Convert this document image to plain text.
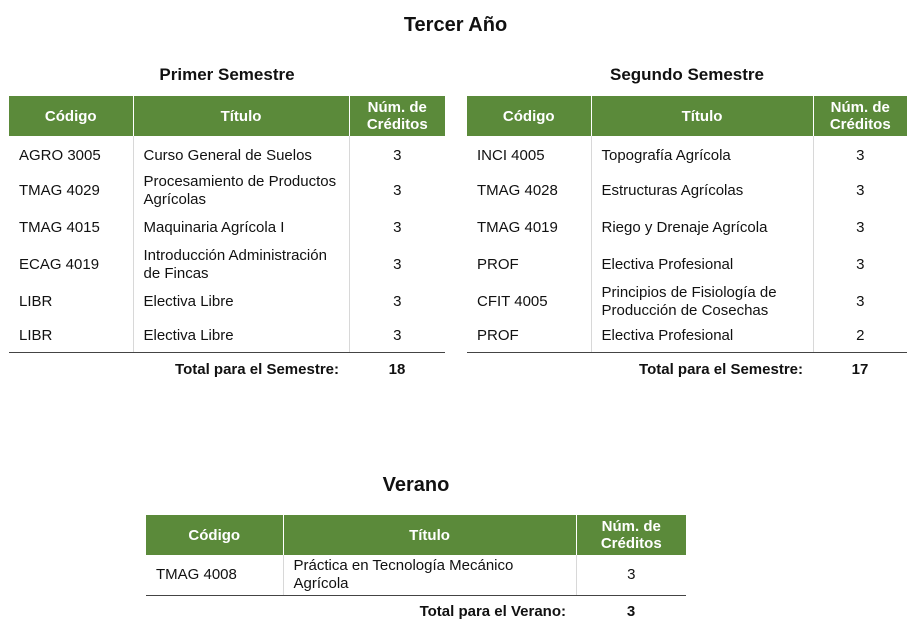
Tercer Año
Primer Semestre
Código	Título	Núm. de Créditos
AGRO 3005	Curso General de Suelos	3
TMAG 4029	Procesamiento de Productos Agrícolas	3
TMAG 4015	Maquinaria Agrícola I	3
ECAG 4019	Introducción Administración de Fincas	3
LIBR	Electiva Libre	3
LIBR	Electiva Libre	3
Total para el Semestre:		18
Segundo Semestre
Código	Título	Núm. de Créditos
INCI 4005	Topografía Agrícola	3
TMAG 4028	Estructuras Agrícolas	3
TMAG 4019	Riego y Drenaje Agrícola	3
PROF	Electiva Profesional	3
CFIT 4005	Principios de Fisiología de Producción de Cosechas	3
PROF	Electiva Profesional	2
Total para el Semestre:		17
Verano
Código	Título	Núm. de Créditos
TMAG 4008	Práctica en Tecnología Mecánico Agrícola	3
Total para el Verano:		3
